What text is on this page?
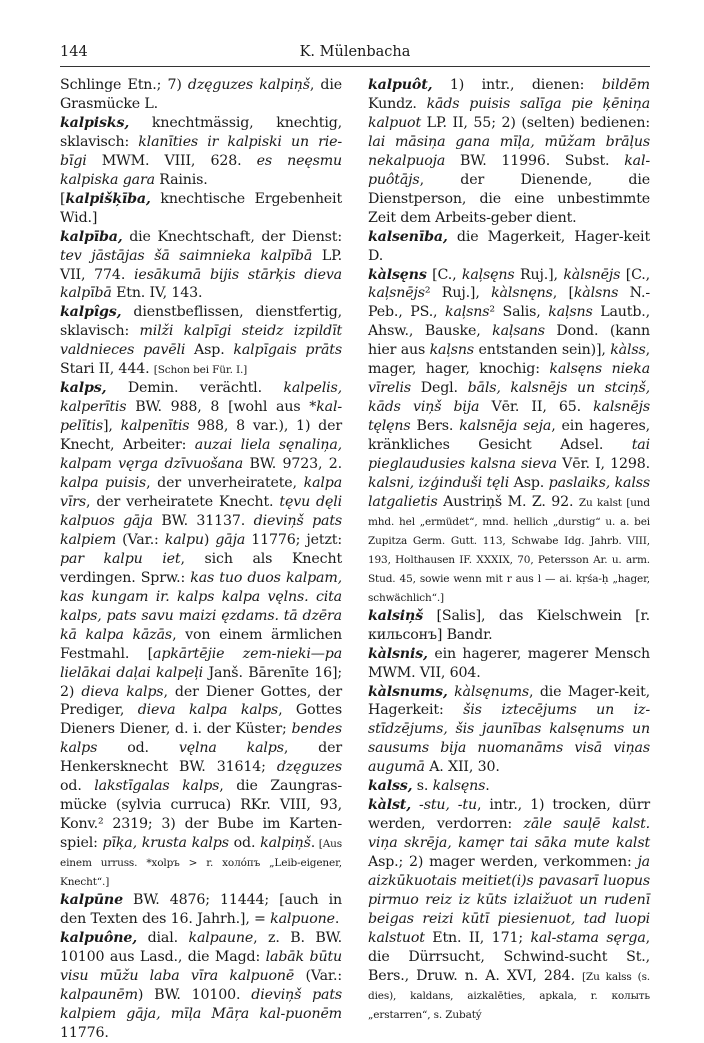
144	K. Mülenbacha

Schlinge Etn.; 7) dzęguzes kalpiņš, die Grasmücke L.

kalpisks, knechtmässig, knechtig, sklavisch: klanīties ir kalpiski un rie-bīgi MWM. VIII, 628. es neęsmu kalpiska gara Rainis.

[kalpišķība, knechtische Ergebenheit Wid.]

kalpība, die Knechtschaft, der Dienst: tev jāstājas šā saimnieka kalpībā LP. VII, 774. iesākumā bijis stārķis dieva kalpībā Etn. IV, 143.

kalpîgs, dienstbeflissen, dienstfertig, sklavisch: milži kalpīgi steidz izpildīt valdnieces pavēli Asp. kalpīgais prāts Stari II, 444. [Schon bei Für. I.]

kalps, Demin. verächtl. kalpelis, kalperītis BW. 988, 8 [wohl aus *kal-pelītis], kalpenītis 988, 8 var.), 1) der Knecht, Arbeiter: auzai liela sęnaliņa, kalpam vęrga dzīvuošana BW. 9723, 2. kalpa puisis, der unverheiratete, kalpa vīrs, der verheiratete Knecht. tęvu dęli kalpuos gāja BW. 31137. dieviņš pats kalpiem (Var.: kalpu) gāja 11776; jetzt: par kalpu iet, sich als Knecht verdingen. Sprw.: kas tuo duos kalpam, kas kungam ir. kalps kalpa vęlns. cita kalps, pats savu maizi ęzdams. tā dzēra kā kalpa kāzās, von einem ärmlichen Festmahl. [apkārtējie zem-nieki—pa lielākai daļai kalpeļi Janš. Bārenīte 16]; 2) dieva kalps, der Diener Gottes, der Prediger, dieva kalpa kalps, Gottes Dieners Diener, d. i. der Küster; bendes kalps od. vęlna kalps, der Henkersknecht BW. 31614; dzęguzes od. lakstīgalas kalps, die Zaungras-mücke (sylvia curruca) RKr. VIII, 93, Konv.² 2319; 3) der Bube im Karten-spiel: pīķa, krusta kalps od. kalpiņš. [Aus einem urruss. *xolpъ > r. холóпъ „Leib-eigener, Knecht“.]

kalpūne BW. 4876; 11444; [auch in den Texten des 16. Jahrh.], = kalpuone.

kalpuône, dial. kalpaune, z. B. BW. 10100 aus Lasd., die Magd: labāk būtu visu mūžu laba vīra kalpuonē (Var.: kalpaunēm) BW. 10100. dieviņš pats kalpiem gāja, mīļa Māŗa kal-puonēm 11776.

kalpuôt, 1) intr., dienen: bildēm Kundz. kāds puisis salīga pie ķēniņa kalpuot LP. II, 55; 2) (selten) bedienen: lai māsiņa gana mīļa, mūžam brāļus nekalpuoja BW. 11996. Subst. kal-puôtājs, der Dienende, die Dienstperson, die eine unbestimmte Zeit dem Arbeits-geber dient.

kalsenība, die Magerkeit, Hager-keit D.

kàlsęns [C., kaļsęns Ruj.], kàlsnējs [C., kaļsnējs² Ruj.], kàlsnęns, [kàlsns N.-Peb., PS., kaļsns² Salis, kaļsns Lautb., Ahsw., Bauske, kaļsans Dond. (kann hier aus kaļsns entstanden sein)], kàlss, mager, hager, knochig: kalsęns nieka vīrelis Degl. bāls, kalsnējs un stciņš, kāds viņš bija Vēr. II, 65. kalsnējs tęlęns Bers. kalsnēja seja, ein hageres, kränkliches Gesicht Adsel. tai pieglaudusies kalsna sieva Vēr. I, 1298. kalsni, izģinduši tęli Asp. paslaiks, kalss latgalietis Austriņš M. Z. 92. Zu kalst [und mhd. hel „ermüdet“, mnd. hellich „durstig“ u. a. bei Zupitza Germ. Gutt. 113, Schwabe Idg. Jahrb. VIII, 193, Holthausen IF. XXXIX, 70, Petersson Ar. u. arm. Stud. 45, sowie wenn mit r aus l — ai. kṛśa-ḥ „hager, schwächlich“.]

kalsiņš [Salis], das Kielschwein [r. кильсонъ] Bandr.

kàlsnis, ein hagerer, magerer Mensch MWM. VII, 604.

kàlsnums, kàlsęnums, die Mager-keit, Hagerkeit: šis iztecējums un iz-stīdzējums, šis jaunības kalsęnums un sausums bija nuomanāms visā viņas augumā A. XII, 30.

kalss, s. kalsęns.

kàlst, -stu, -tu, intr., 1) trocken, dürr werden, verdorren: zāle sauļē kalst. viņa skrēja, kamęr tai sāka mute kalst Asp.; 2) mager werden, verkommen: ja aizkūkuotais meitiet(i)s pavasarī luopus pirmuo reiz iz kūts izlaižuot un rudenī beigas reizi kūtī piesienuot, tad luopi kalstuot Etn. II, 171; kal-stama sęrga, die Dürrsucht, Schwind-sucht St., Bers., Druw. n. A. XVI, 284. [Zu kalss (s. dies), kaldans, aizkalēties, apkala, r. колыть „erstarren“, s. Zubatý
